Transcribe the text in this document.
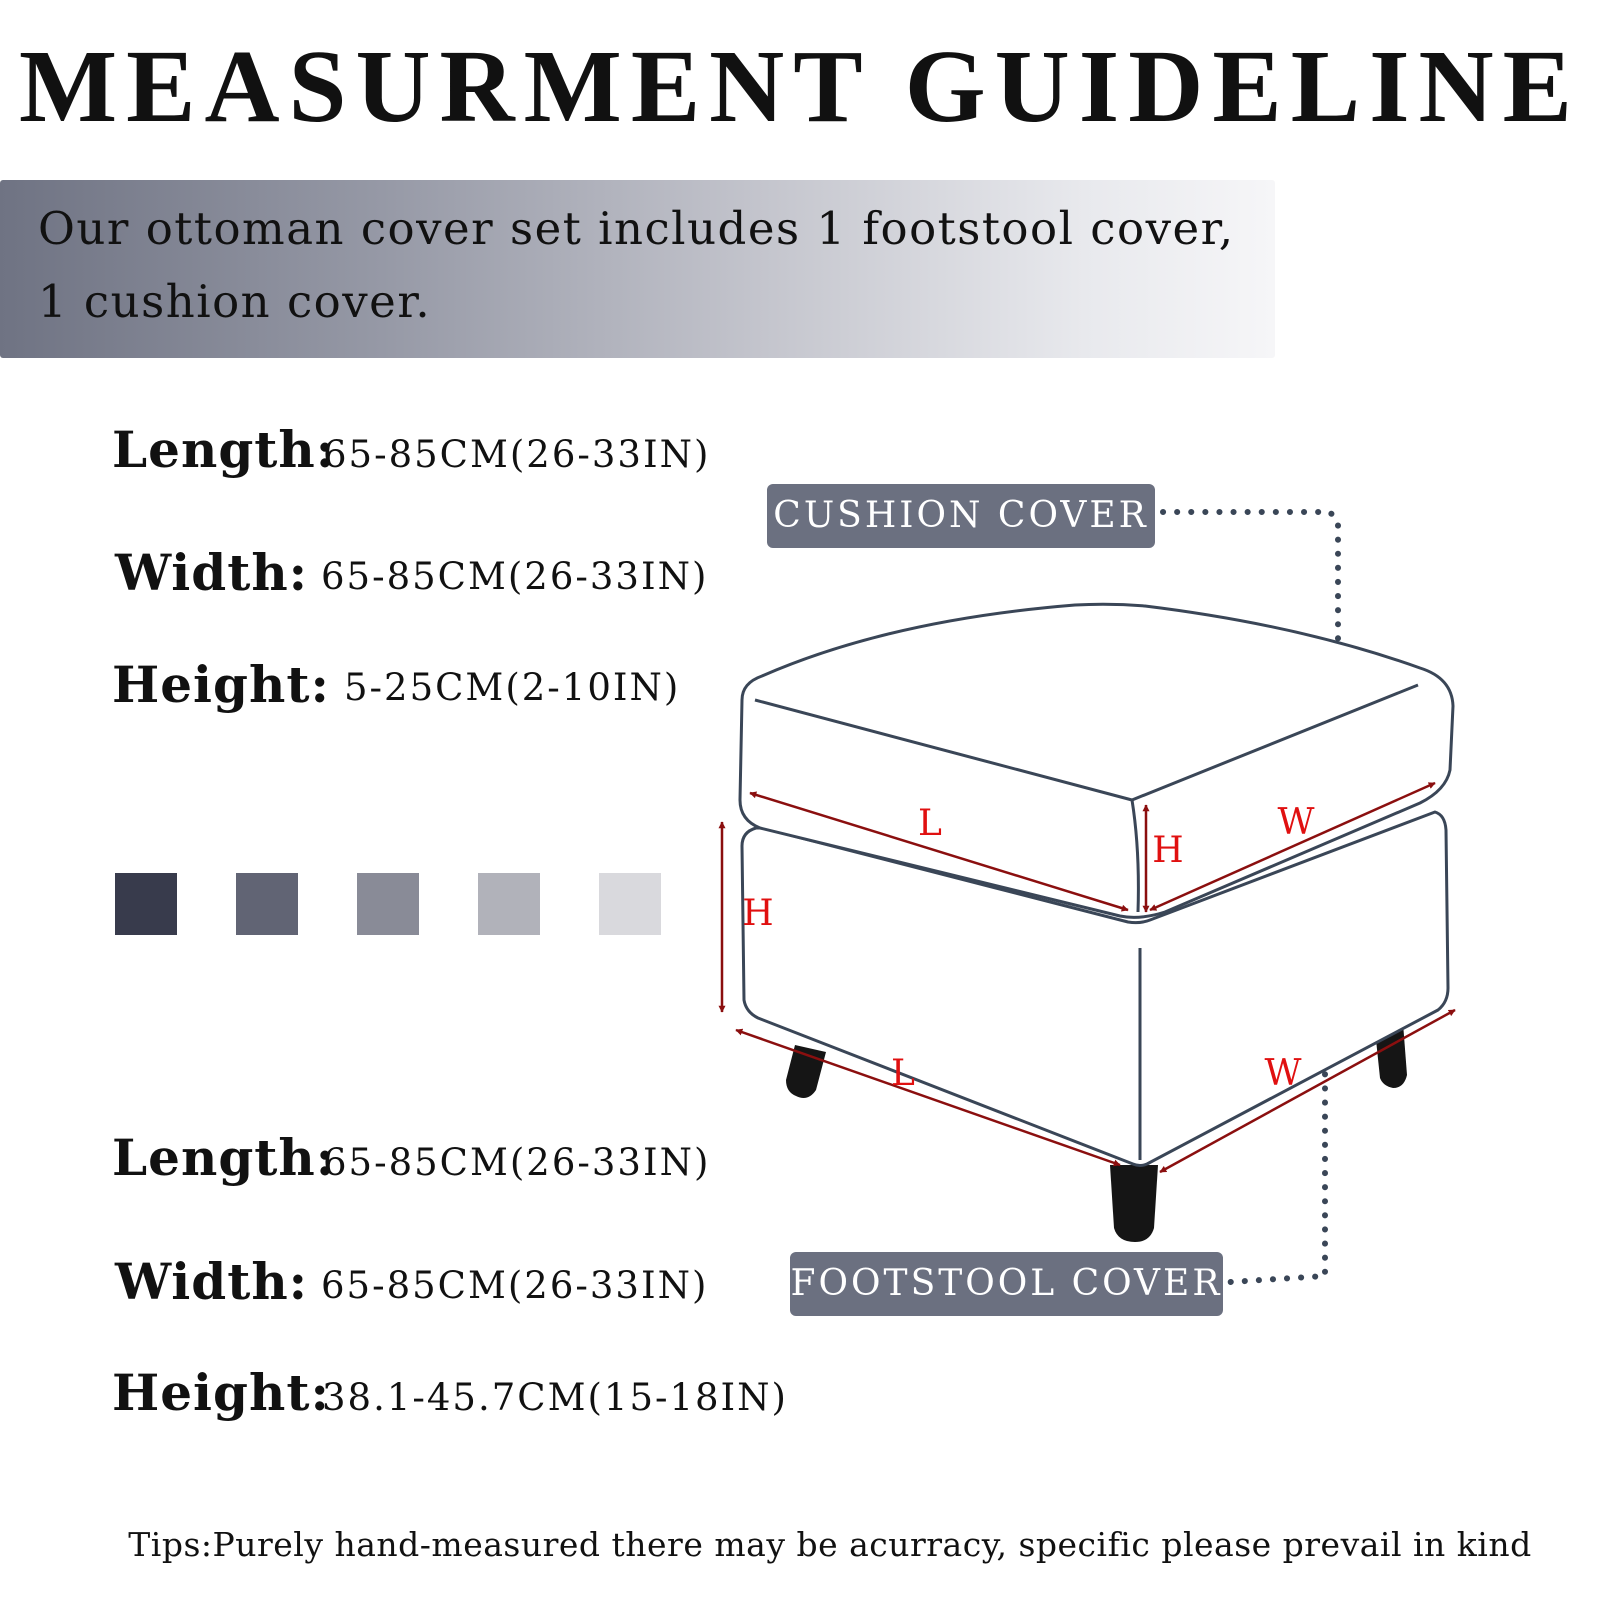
MEASURMENT GUIDELINE
Our ottoman cover set includes 1 footstool cover,
1 cushion cover.
Length:
65-85CM(26-33IN)
Width: 65-85CM(26-33IN)
Height: 5-25CM(2-10IN)
Length:
65-85CM(26-33IN)
Width: 65-85CM(26-33IN)
Height:
38.1-45.7CM(15-18IN)
L	W
H
H
L	W
CUSHION COVER
FOOTSTOOL COVER
Tips:Purely hand-measured there may be acurracy, specific please prevail in kind
